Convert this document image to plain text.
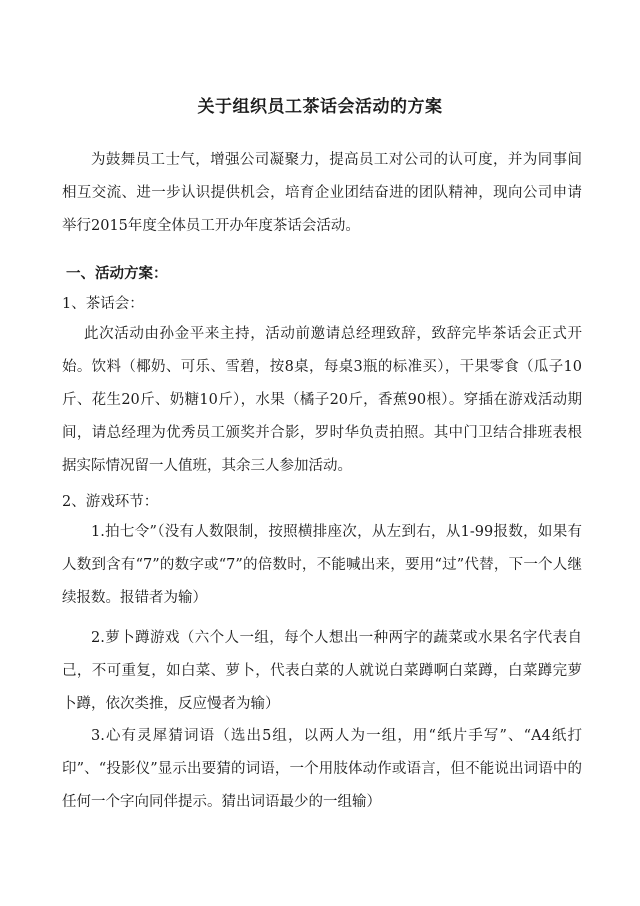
关于组织员工茶话会活动的方案
为鼓舞员工士气，增强公司凝聚力，提高员工对公司的认可度，并为同事间相互交流、进一步认识提供机会，培育企业团结奋进的团队精神，现向公司申请举行2015年度全体员工开办年度茶话会活动。
一、活动方案：
1、茶话会：
此次活动由孙金平来主持，活动前邀请总经理致辞，致辞完毕茶话会正式开始。饮料（椰奶、可乐、雪碧，按8桌，每桌3瓶的标准买），干果零食（瓜子10斤、花生20斤、奶糖10斤），水果（橘子20斤，香蕉90根）。穿插在游戏活动期间，请总经理为优秀员工颁奖并合影，罗时华负责拍照。其中门卫结合排班表根据实际情况留一人值班，其余三人参加活动。
2、游戏环节：
1.拍七令”（没有人数限制，按照横排座次，从左到右，从1-99报数，如果有人数到含有“7”的数字或“7”的倍数时，不能喊出来，要用“过”代替，下一个人继续报数。报错者为输）
2.萝卜蹲游戏（六个人一组，每个人想出一种两字的蔬菜或水果名字代表自己，不可重复，如白菜、萝卜，代表白菜的人就说白菜蹲啊白菜蹲，白菜蹲完萝卜蹲，依次类推，反应慢者为输）
3.心有灵犀猜词语（选出5组，以两人为一组，用“纸片手写”、“A4纸打印”、“投影仪”显示出要猜的词语，一个用肢体动作或语言，但不能说出词语中的任何一个字向同伴提示。猜出词语最少的一组输）
